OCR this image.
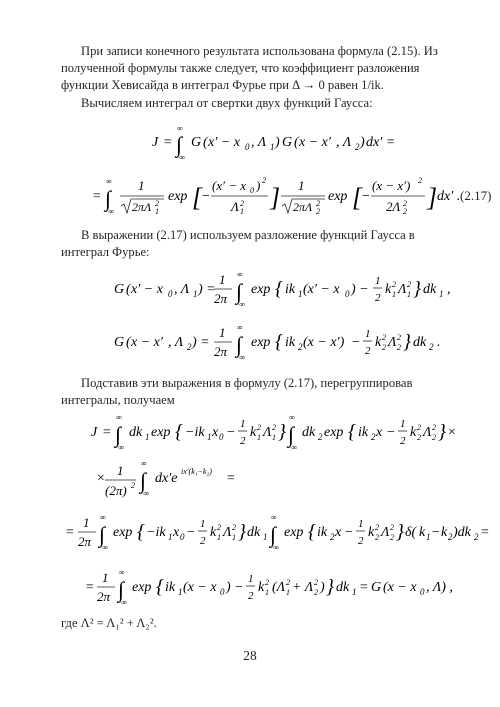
При записи конечного результата использована формула (2.15). Из
полученной формулы также следует, что коэффициент разложения
функции Хевисайда в интеграл Фурье при Δ → 0 равен 1/ik.

Вычисляем интеграл от свертки двух функций Гаусса:

J = ∫
∞
−∞
G ( x′ − x 0 , Λ 1 ) G ( x − x′ , Λ 2 ) dx′ =
= ∫
∞
−∞
1
2πΛ 2
1
exp [
−
(x′ − x 0 ) 2
Λ 2
1 ] 1
2πΛ 2
2
exp [
−
(x − x′) 2
2Λ 2
2 ] dx′ . (2.17)

В выражении (2.17) используем разложение функций Гаусса в
интеграл Фурье:

G ( x′ − x 0 , Λ 1 ) =
1
2π ∫
∞
−∞
exp { ik 1 (x′ − x 0 ) −
1
2
k 2
1 Λ 2
1 } dk 1 ,
G ( x − x′ , Λ 2 ) =
1
2π ∫
∞
−∞
exp { ik 2 (x − x′) −
1
2
k 2
2 Λ 2
2 } dk 2 .

Подставив эти выражения в формулу (2.17), перегруппировав
интегралы, получаем

J = ∫
∞
−∞
dk 1 exp { −ik 1 x 0 −
1
2
k 2
1 Λ 2
1 } ∫
∞
−∞
dk 2 exp { ik 2 x −
1
2
k 2
2 Λ 2
2 } ×
×
1
(2π) 2 ∫
∞
−∞
dx′e ix′(k₁−k₂) =
=
1
2π ∫
∞
−∞
exp { −ik 1 x 0 −
1
2
k 2
1 Λ 2
1 } dk 1 ∫
∞
−∞
exp { ik 2 x −
1
2
k 2
2 Λ 2
2 } δ( k 1 − k 2 )dk 2 =
=
1
2π ∫
∞
−∞
exp { ik 1 (x − x 0 ) −
1
2
k 2
1 (Λ 2
1 + Λ 2
2 ) } dk 1 = G (x − x 0 , Λ) ,
где Λ² = Λ₁² + Λ₂².
28
